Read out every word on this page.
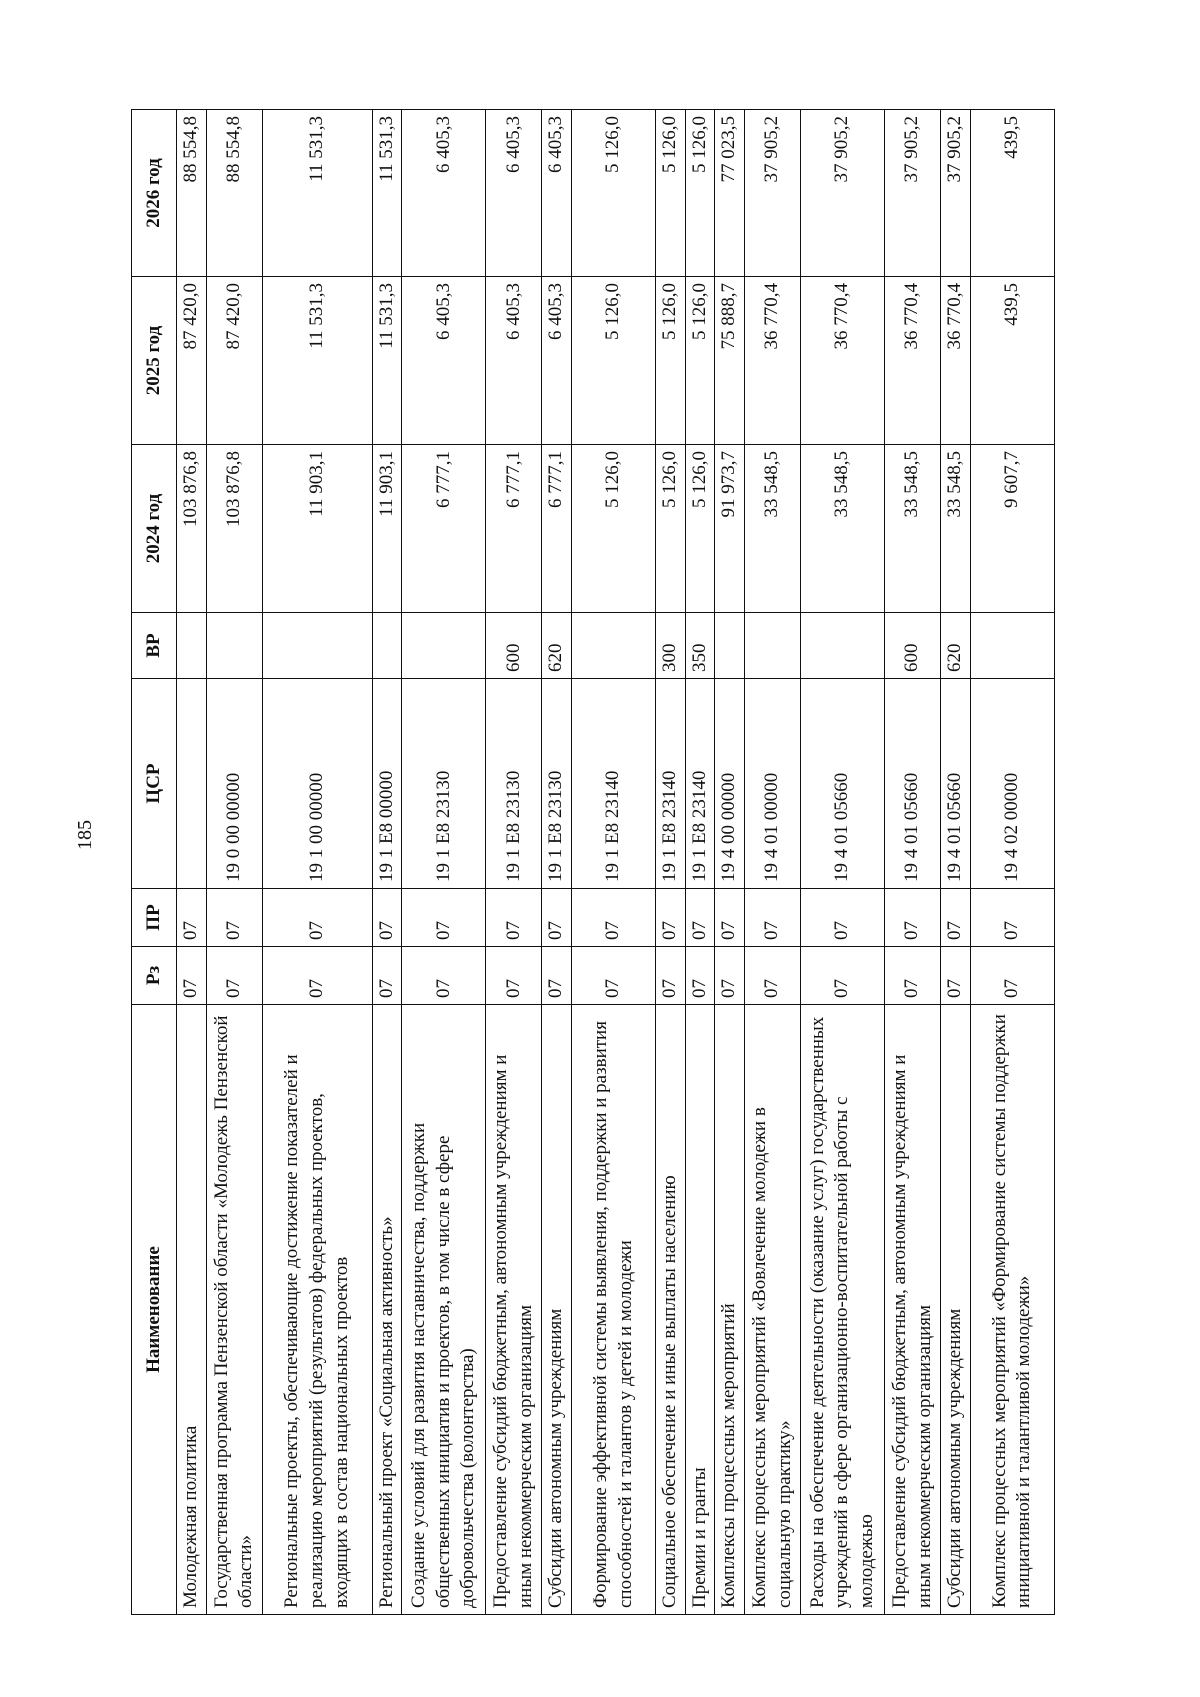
185
Наименование	Рз	ПР	ЦСР	ВР	2024 год	2025 год	2026 год
Молодежная политика	07	07			103 876,8	87 420,0	88 554,8
Государственная программа Пензенской области «Молодежь Пензенской области»	07	07	19 0 00 00000		103 876,8	87 420,0	88 554,8
Региональные проекты, обеспечивающие достижение показателей и реализацию мероприятий (результатов) федеральных проектов, входящих в состав национальных проектов	07	07	19 1 00 00000		11 903,1	11 531,3	11 531,3
Региональный проект «Социальная активность»	07	07	19 1 Е8 00000		11 903,1	11 531,3	11 531,3
Создание условий для развития наставничества, поддержки общественных инициатив и проектов, в том числе в сфере добровольчества (волонтерства)	07	07	19 1 Е8 23130		6 777,1	6 405,3	6 405,3
Предоставление субсидий бюджетным, автономным учреждениям и иным некоммерческим организациям	07	07	19 1 Е8 23130	600	6 777,1	6 405,3	6 405,3
Субсидии автономным учреждениям	07	07	19 1 Е8 23130	620	6 777,1	6 405,3	6 405,3
Формирование эффективной системы выявления, поддержки и развития способностей и талантов у детей и молодежи	07	07	19 1 Е8 23140		5 126,0	5 126,0	5 126,0
Социальное обеспечение и иные выплаты населению	07	07	19 1 Е8 23140	300	5 126,0	5 126,0	5 126,0
Премии и гранты	07	07	19 1 Е8 23140	350	5 126,0	5 126,0	5 126,0
Комплексы процессных мероприятий	07	07	19 4 00 00000		91 973,7	75 888,7	77 023,5
Комплекс процессных мероприятий «Вовлечение молодежи в социальную практику»	07	07	19 4 01 00000		33 548,5	36 770,4	37 905,2
Расходы на обеспечение деятельности (оказание услуг) государственных учреждений в сфере организационно-воспитательной работы с молодежью	07	07	19 4 01 05660		33 548,5	36 770,4	37 905,2
Предоставление субсидий бюджетным, автономным учреждениям и иным некоммерческим организациям	07	07	19 4 01 05660	600	33 548,5	36 770,4	37 905,2
Субсидии автономным учреждениям	07	07	19 4 01 05660	620	33 548,5	36 770,4	37 905,2
Комплекс процессных мероприятий «Формирование системы поддержки инициативной и талантливой молодежи»	07	07	19 4 02 00000		9 607,7	439,5	439,5
